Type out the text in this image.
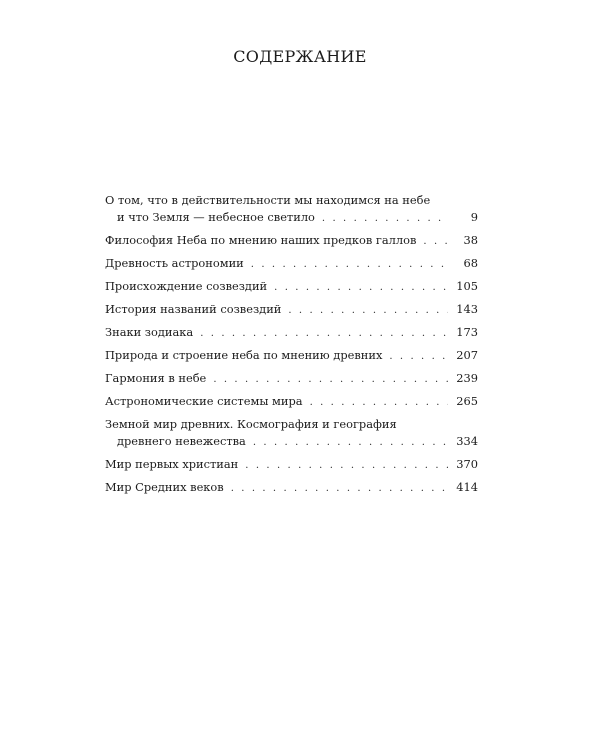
СОДЕРЖАНИЕ
О том, что в действительности мы находимся на небе
и что Земля — небесное светило . . .	9
Философия Неба по мнению наших предков галлов . . .	38
Древность астрономии . . .	68
Происхождение созвездий . . .	105
История названий созвездий . . .	143
Знаки зодиака . . .	173
Природа и строение неба по мнению древних . . .	207
Гармония в небе . . .	239
Астрономические системы мира . . .	265
Земной мир древних. Космография и география
древнего невежества . . .	334
Мир первых христиан . . .	370
Мир Средних веков . . .	414
